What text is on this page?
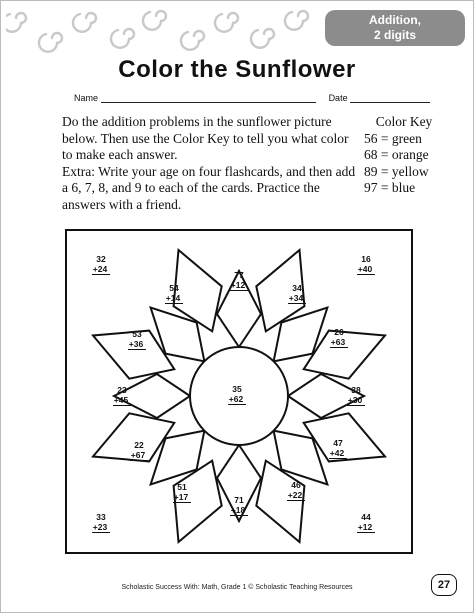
Addition,
2 digits
Color the Sunflower
Name	Date

Do the addition problems in the sunflower picture below. Then use the Color Key to tell you what color to make each answer.

Extra: Write your age on four flashcards, and then add a 6, 7, 8, and 9 to each of the cards. Practice the answers with a friend.

Color Key
56 = green
68 = orange
89 = yellow
97 = blue
32
+24
16
+40
33
+23
44
+12
77
+12
54
+14
34
+34
53
+36
26
+63
23
+45
38
+30
22
+67
47
+42
51
+17
46
+22
71
+18
35
+62
Scholastic Success With: Math, Grade 1 © Scholastic Teaching Resources	27
